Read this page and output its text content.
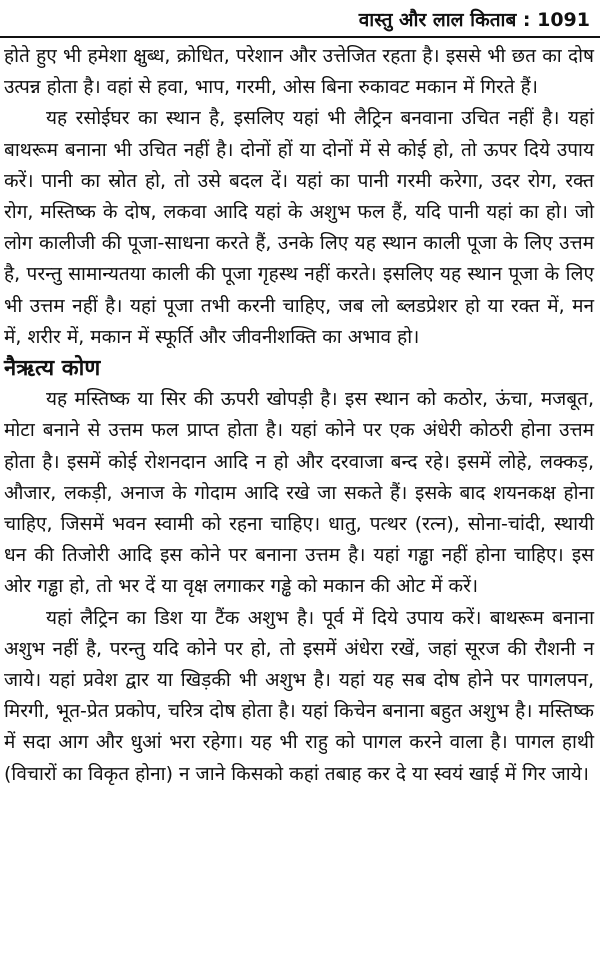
वास्तु और लाल किताब : 1091

होते हुए भी हमेशा क्षुब्ध, क्रोधित, परेशान और उत्तेजित रहता है। इससे भी छत का दोष उत्पन्न होता है। वहां से हवा, भाप, गरमी, ओस बिना रुकावट मकान में गिरते हैं।

यह रसोईघर का स्थान है, इसलिए यहां भी लैट्रिन बनवाना उचित नहीं है। यहां बाथरूम बनाना भी उचित नहीं है। दोनों हों या दोनों में से कोई हो, तो ऊपर दिये उपाय करें। पानी का स्रोत हो, तो उसे बदल दें। यहां का पानी गरमी करेगा, उदर रोग, रक्त रोग, मस्तिष्क के दोष, लकवा आदि यहां के अशुभ फल हैं, यदि पानी यहां का हो। जो लोग कालीजी की पूजा-साधना करते हैं, उनके लिए यह स्थान काली पूजा के लिए उत्तम है, परन्तु सामान्यतया काली की पूजा गृहस्थ नहीं करते। इसलिए यह स्थान पूजा के लिए भी उत्तम नहीं है। यहां पूजा तभी करनी चाहिए, जब लो ब्लडप्रेशर हो या रक्त में, मन में, शरीर में, मकान में स्फूर्ति और जीवनीशक्ति का अभाव हो।

नैऋत्य कोण

यह मस्तिष्क या सिर की ऊपरी खोपड़ी है। इस स्थान को कठोर, ऊंचा, मजबूत, मोटा बनाने से उत्तम फल प्राप्त होता है। यहां कोने पर एक अंधेरी कोठरी होना उत्तम होता है। इसमें कोई रोशनदान आदि न हो और दरवाजा बन्द रहे। इसमें लोहे, लक्कड़, औजार, लकड़ी, अनाज के गोदाम आदि रखे जा सकते हैं। इसके बाद शयनकक्ष होना चाहिए, जिसमें भवन स्वामी को रहना चाहिए। धातु, पत्थर (रत्न), सोना-चांदी, स्थायी धन की तिजोरी आदि इस कोने पर बनाना उत्तम है। यहां गड्ढा नहीं होना चाहिए। इस ओर गड्ढा हो, तो भर दें या वृक्ष लगाकर गड्ढे को मकान की ओट में करें।

यहां लैट्रिन का डिश या टैंक अशुभ है। पूर्व में दिये उपाय करें। बाथरूम बनाना अशुभ नहीं है, परन्तु यदि कोने पर हो, तो इसमें अंधेरा रखें, जहां सूरज की रौशनी न जाये। यहां प्रवेश द्वार या खिड़की भी अशुभ है। यहां यह सब दोष होने पर पागलपन, मिरगी, भूत-प्रेत प्रकोप, चरित्र दोष होता है। यहां किचेन बनाना बहुत अशुभ है। मस्तिष्क में सदा आग और धुआं भरा रहेगा। यह भी राहु को पागल करने वाला है। पागल हाथी (विचारों का विकृत होना) न जाने किसको कहां तबाह कर दे या स्वयं खाई में गिर जाये।
